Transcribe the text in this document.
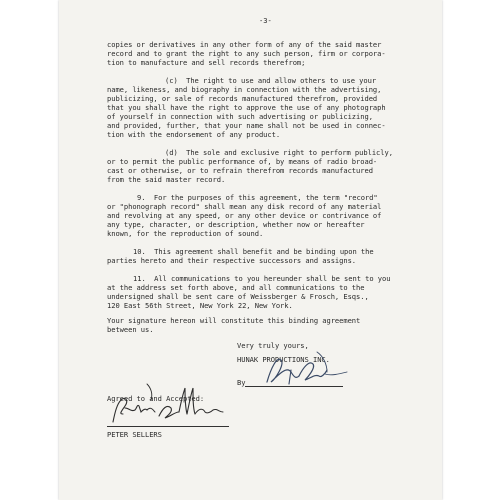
-3-
copies or derivatives in any other form of any of the said master
record and to grant the right to any such person, firm or corpora-
tion to manufacture and sell records therefrom;
(c)  The right to use and allow others to use your
name, likeness, and biography in connection with the advertising,
publicizing, or sale of records manufactured therefrom, provided
that you shall have the right to approve the use of any photograph
of yourself in connection with such advertising or publicizing,
and provided, further, that your name shall not be used in connec-
tion with the endorsement of any product.
(d)  The sole and exclusive right to perform publicly,
or to permit the public performance of, by means of radio broad-
cast or otherwise, or to refrain therefrom records manufactured
from the said master record.
9.  For the purposes of this agreement, the term "record"
or "phonograph record" shall mean any disk record of any material
and revolving at any speed, or any other device or contrivance of
any type, character, or description, whether now or hereafter
known, for the reproduction of sound.
10.  This agreement shall benefit and be binding upon the
parties hereto and their respective successors and assigns.
11.  All communications to you hereunder shall be sent to you
at the address set forth above, and all communications to the
undersigned shall be sent care of Weissberger & Frosch, Esqs.,
120 East 56th Street, New York 22, New York.
Your signature hereon will constitute this binding agreement
between us.
Very truly yours,
HUNAK PRODUCTIONS INC.
By
Agreed to and Accepted:
PETER SELLERS
